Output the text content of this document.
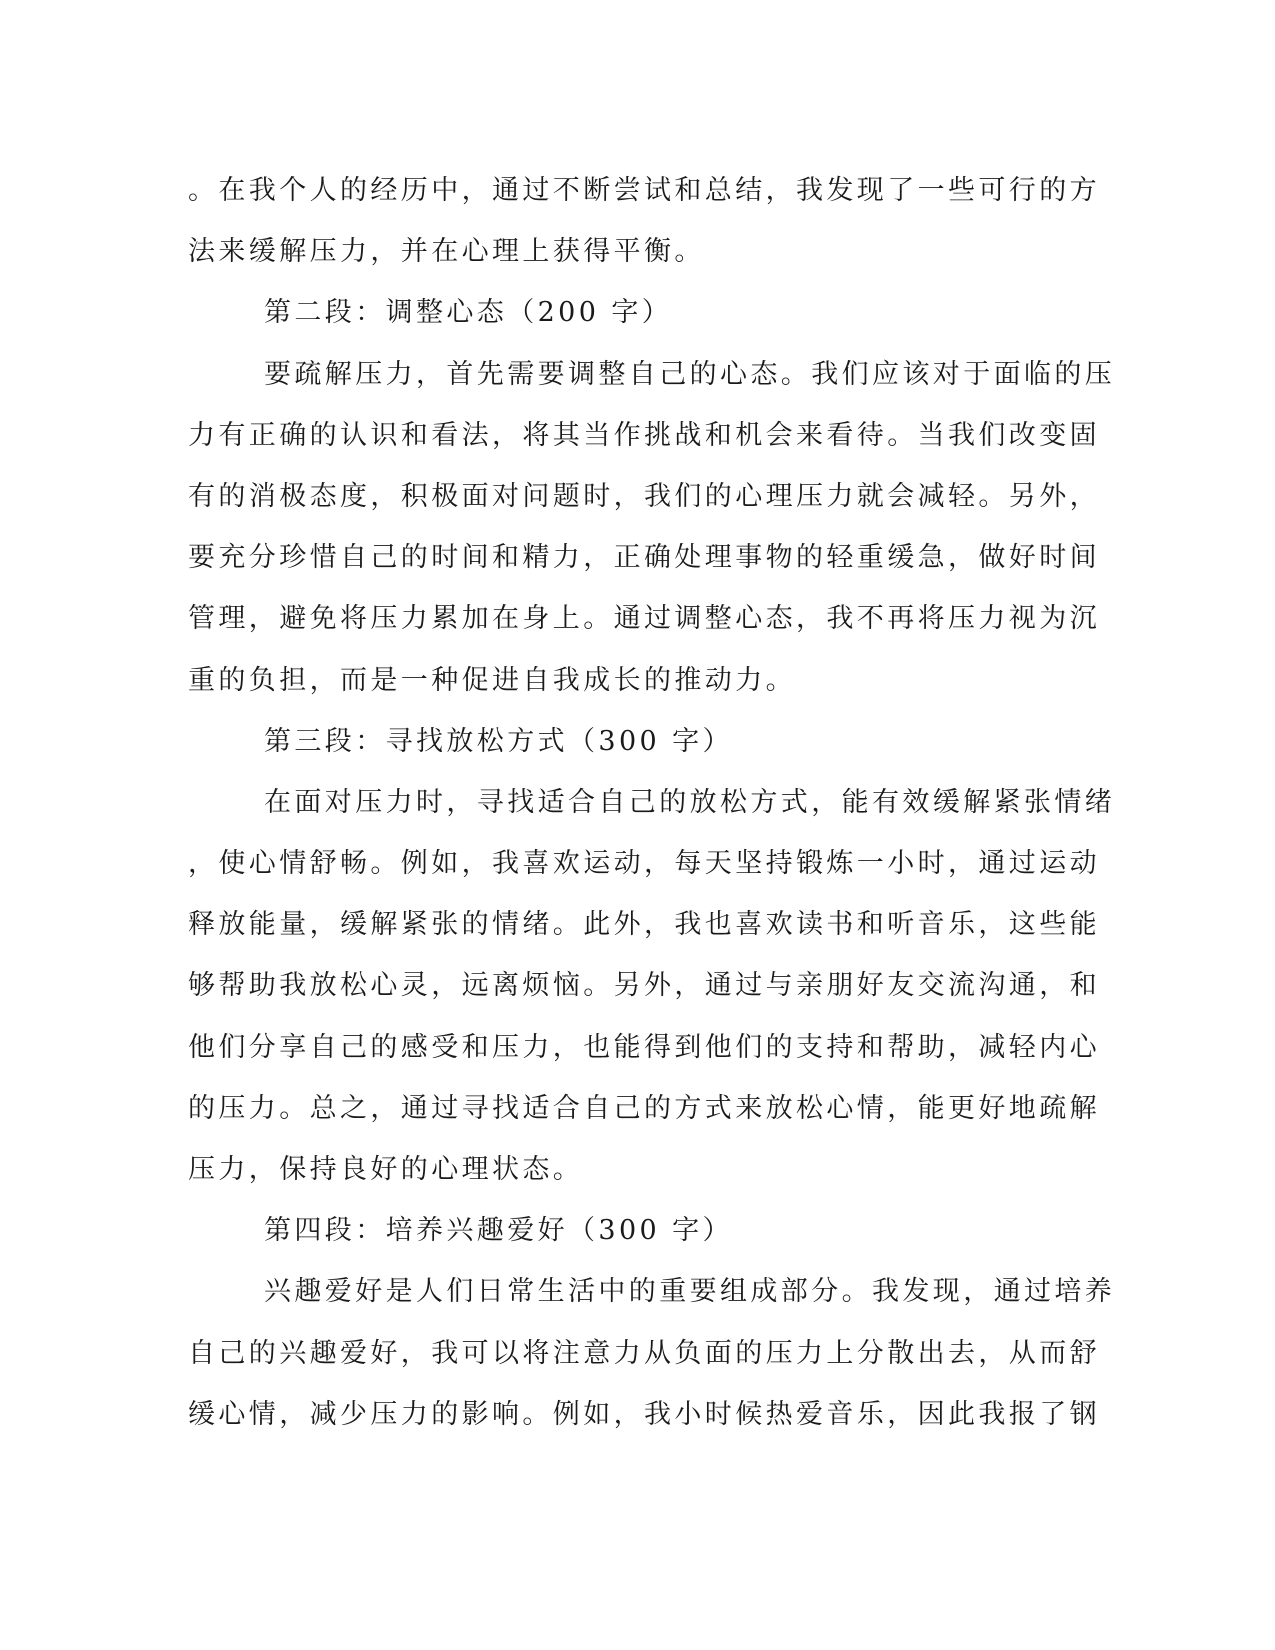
。在我个人的经历中，通过不断尝试和总结，我发现了一些可行的方
法来缓解压力，并在心理上获得平衡。
第二段：调整心态（200 字）
要疏解压力，首先需要调整自己的心态。我们应该对于面临的压
力有正确的认识和看法，将其当作挑战和机会来看待。当我们改变固
有的消极态度，积极面对问题时，我们的心理压力就会减轻。另外，
要充分珍惜自己的时间和精力，正确处理事物的轻重缓急，做好时间
管理，避免将压力累加在身上。通过调整心态，我不再将压力视为沉
重的负担，而是一种促进自我成长的推动力。
第三段：寻找放松方式（300 字）
在面对压力时，寻找适合自己的放松方式，能有效缓解紧张情绪
，使心情舒畅。例如，我喜欢运动，每天坚持锻炼一小时，通过运动
释放能量，缓解紧张的情绪。此外，我也喜欢读书和听音乐，这些能
够帮助我放松心灵，远离烦恼。另外，通过与亲朋好友交流沟通，和
他们分享自己的感受和压力，也能得到他们的支持和帮助，减轻内心
的压力。总之，通过寻找适合自己的方式来放松心情，能更好地疏解
压力，保持良好的心理状态。
第四段：培养兴趣爱好（300 字）
兴趣爱好是人们日常生活中的重要组成部分。我发现，通过培养
自己的兴趣爱好，我可以将注意力从负面的压力上分散出去，从而舒
缓心情，减少压力的影响。例如，我小时候热爱音乐，因此我报了钢
